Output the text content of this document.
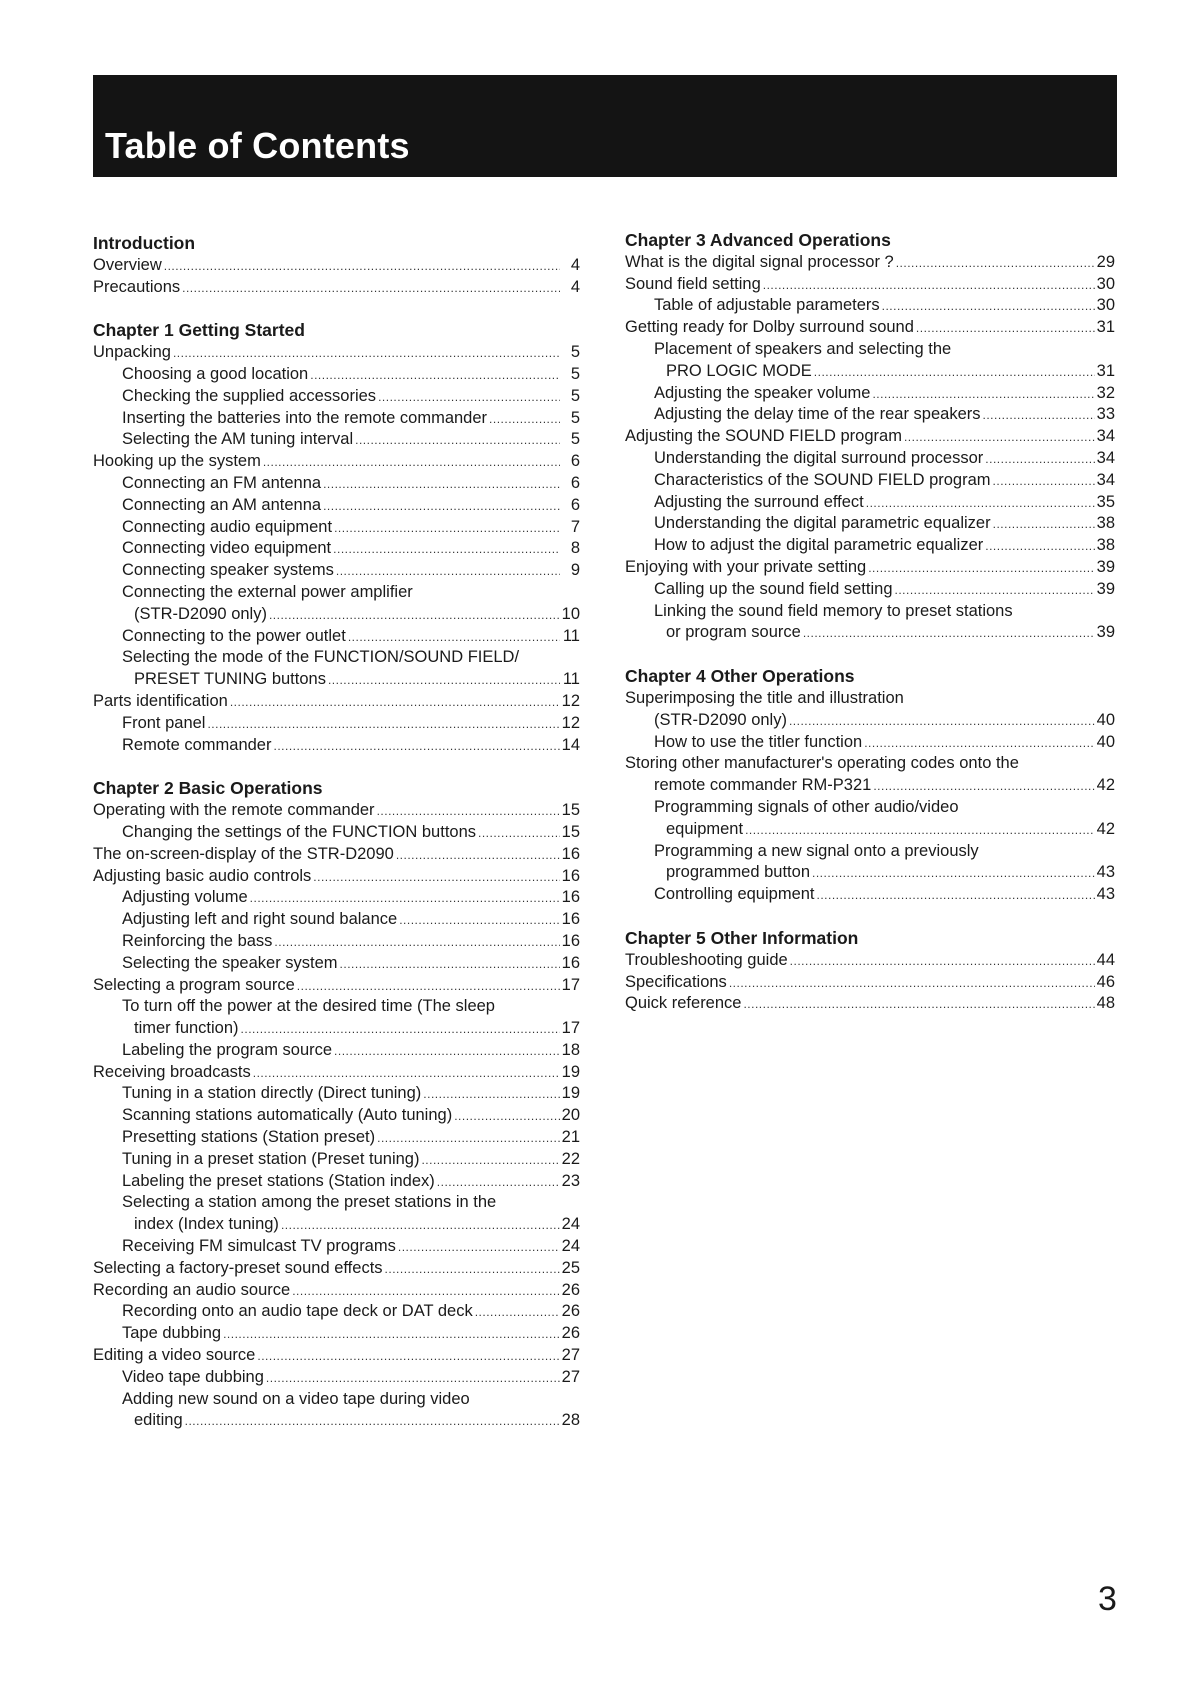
Table of Contents
Introduction
Overview .....	4
Precautions .....	4
Chapter 1 Getting Started
Unpacking .....	5
Choosing a good location .....	5
Checking the supplied accessories .....	5
Inserting the batteries into the remote commander .....	5
Selecting the AM tuning interval .....	5
Hooking up the system .....	6
Connecting an FM antenna .....	6
Connecting an AM antenna .....	6
Connecting audio equipment .....	7
Connecting video equipment .....	8
Connecting speaker systems .....	9
Connecting the external power amplifier
(STR-D2090 only) .....	10
Connecting to the power outlet .....	11
Selecting the mode of the FUNCTION/SOUND FIELD/
PRESET TUNING buttons .....	11
Parts identification .....	12
Front panel .....	12
Remote commander .....	14
Chapter 2 Basic Operations
Operating with the remote commander .....	15
Changing the settings of the FUNCTION buttons .....	15
The on-screen-display of the STR-D2090 .....	16
Adjusting basic audio controls .....	16
Adjusting volume .....	16
Adjusting left and right sound balance .....	16
Reinforcing the bass .....	16
Selecting the speaker system .....	16
Selecting a program source .....	17
To turn off the power at the desired time (The sleep
timer function) .....	17
Labeling the program source .....	18
Receiving broadcasts .....	19
Tuning in a station directly (Direct tuning) .....	19
Scanning stations automatically (Auto tuning) .....	20
Presetting stations (Station preset) .....	21
Tuning in a preset station (Preset tuning) .....	22
Labeling the preset stations (Station index) .....	23
Selecting a station among the preset stations in the
index (Index tuning) .....	24
Receiving FM simulcast TV programs .....	24
Selecting a factory-preset sound effects .....	25
Recording an audio source .....	26
Recording onto an audio tape deck or DAT deck .....	26
Tape dubbing .....	26
Editing a video source .....	27
Video tape dubbing .....	27
Adding new sound on a video tape during video
editing .....	28
Chapter 3 Advanced Operations
What is the digital signal processor ? .....	29
Sound field setting .....	30
Table of adjustable parameters .....	30
Getting ready for Dolby surround sound .....	31
Placement of speakers and selecting the
PRO LOGIC MODE .....	31
Adjusting the speaker volume .....	32
Adjusting the delay time of the rear speakers .....	33
Adjusting the SOUND FIELD program .....	34
Understanding the digital surround processor .....	34
Characteristics of the SOUND FIELD program .....	34
Adjusting the surround effect .....	35
Understanding the digital parametric equalizer .....	38
How to adjust the digital parametric equalizer .....	38
Enjoying with your private setting .....	39
Calling up the sound field setting .....	39
Linking the sound field memory to preset stations
or program source .....	39
Chapter 4 Other Operations
Superimposing the title and illustration
(STR-D2090 only) .....	40
How to use the titler function .....	40
Storing other manufacturer's operating codes onto the
remote commander RM-P321 .....	42
Programming signals of other audio/video
equipment .....	42
Programming a new signal onto a previously
programmed button .....	43
Controlling equipment .....	43
Chapter 5 Other Information
Troubleshooting guide .....	44
Specifications .....	46
Quick reference .....	48
3
